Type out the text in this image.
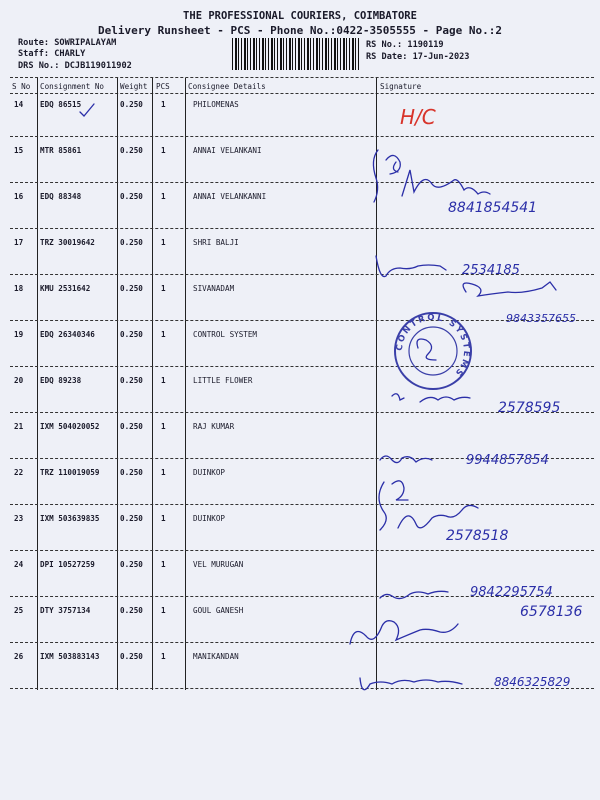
THE PROFESSIONAL COURIERS, COIMBATORE
Delivery Runsheet - PCS - Phone No.:0422-3505555 - Page No.:2
Route: SOWRIPALAYAM
Staff: CHARLY
DRS No.: DCJB119011902
RS No.: 1190119
RS Date: 17-Jun-2023
S No Consignment No Weight PCS Consignee Details	Signature
14 EDQ 86515	0.250 1	PHILOMENAS
15 MTR 85861	0.250 1	ANNAI VELANKANI
16 EDQ 88348	0.250 1	ANNAI VELANKANNI
17 TRZ 30019642	0.250 1	SHRI BALJI
18 KMU 2531642	0.250 1	SIVANADAM
19 EDQ 26340346	0.250 1	CONTROL SYSTEM
20 EDQ 89238	0.250 1	LITTLE FLOWER
21 IXM 504020052	0.250 1	RAJ KUMAR
22 TRZ 110019059	0.250 1	DUINKOP
23 IXM 503639835	0.250 1	DUINKOP
24 DPI 10527259	0.250 1	VEL MURUGAN
25 DTY 3757134	0.250 1	GOUL GANESH
26 IXM 503883143	0.250 1	MANIKANDAN
H/C
8841854541
2534185
9843357655
2578595
9944857854
2578518
9842295754
6578136
8846325829
CONTROL SYSTEMS
